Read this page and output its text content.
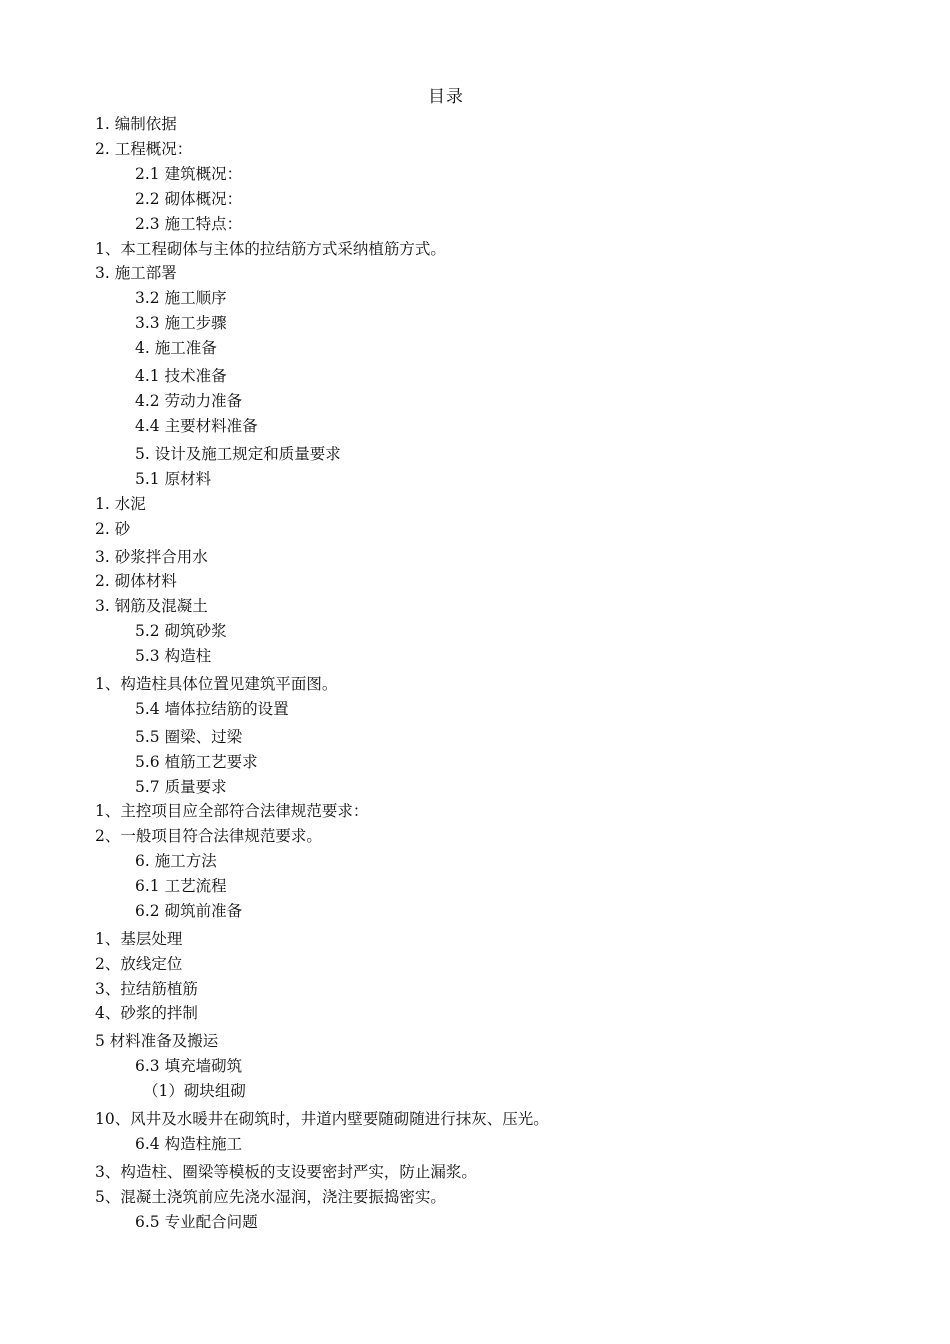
目录
1. 编制依据
2. 工程概况：
2.1 建筑概况：
2.2 砌体概况：
2.3 施工特点：
1、本工程砌体与主体的拉结筋方式采纳植筋方式。
3. 施工部署
3.2 施工顺序
3.3 施工步骤
4. 施工准备
4.1 技术准备
4.2 劳动力准备
4.4 主要材料准备
5. 设计及施工规定和质量要求
5.1 原材料
1. 水泥
2. 砂
3. 砂浆拌合用水
2. 砌体材料
3. 钢筋及混凝土
5.2 砌筑砂浆
5.3 构造柱
1、构造柱具体位置见建筑平面图。
5.4 墙体拉结筋的设置
5.5 圈梁、过梁
5.6 植筋工艺要求
5.7 质量要求
1、主控项目应全部符合法律规范要求：
2、一般项目符合法律规范要求。
6. 施工方法
6.1 工艺流程
6.2 砌筑前准备
1、基层处理
2、放线定位
3、拉结筋植筋
4、砂浆的拌制
5 材料准备及搬运
6.3 填充墙砌筑
（1）砌块组砌
10、风井及水暖井在砌筑时，井道内壁要随砌随进行抹灰、压光。
6.4 构造柱施工
3、构造柱、圈梁等模板的支设要密封严实，防止漏浆。
5、混凝土浇筑前应先浇水湿润，浇注要振捣密实。
6.5 专业配合问题
